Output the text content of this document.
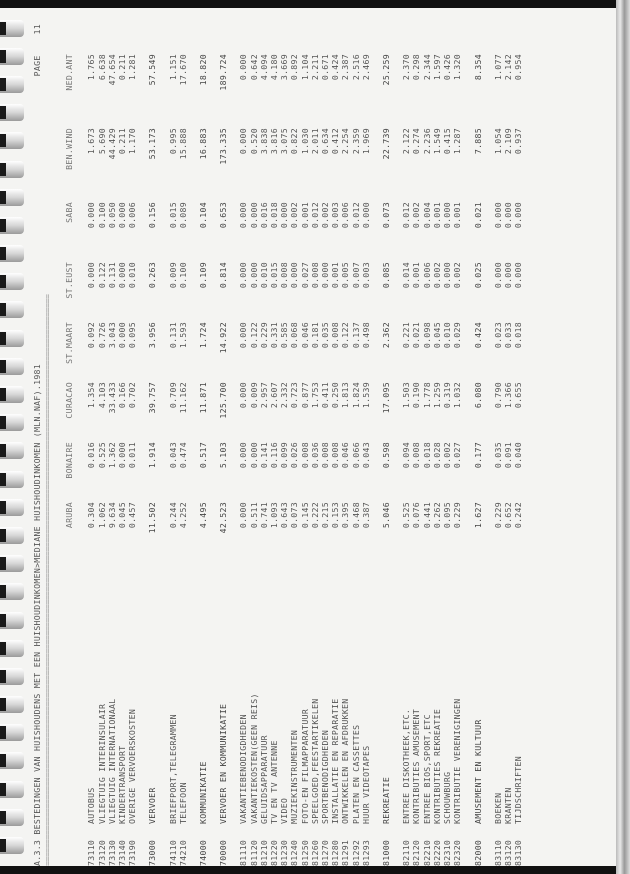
A.3.3 BESTEDINGEN VAN HUISHOUDENS MET EEN HUISHOUDINKOMEN>MEDIANE HUISHOUDINKOMEN (MLN.NAF).1981
PAGE    11
=================================================================================================================================
		ARUBA	BONAIRE	CURACAO	ST.MAART	ST.EUST	SABA	BEN.WIND	NED.ANT
73110	AUTOBUS	0.304	0.016	1.354	0.092	0.000	0.000	1.673	1.765
73120	VLIEGTUIG INTERINSULAIR	1.062	0.525	4.103	0.726	0.122	0.100	5.690	6.638
73130	VLIEGTUIG INTERNATIONAAL	9.634	1.362	33.433	3.043	0.131	0.050	44.429	47.654
73140	KINDERTRANSPORT	0.045	0.000	0.166	0.000	0.000	0.000	0.211	0.211
73190	OVERIGE VERVOERSKOSTEN	0.457	0.011	0.702	0.095	0.010	0.006	1.170	1.281

73000	VERVOER	11.502	1.914	39.757	3.956	0.263	0.156	53.173	57.549

74110	BRIEFPORT,TELEGRAMMEN	0.244	0.043	0.709	0.131	0.009	0.015	0.995	1.151
74210	TELEFOON	4.252	0.474	11.162	1.593	0.100	0.089	15.888	17.670

74000	KOMMUNIKATIE	4.495	0.517	11.871	1.724	0.109	0.104	16.883	18.820

70000	VERVOER EN KOMMUNIKATIE	42.523	5.103	125.700	14.922	0.814	0.653	173.335	189.724

81110	VAKANTIEBENODIGDHEDEN	0.000	0.000	0.000	0.000	0.000	0.000	0.000	0.000
81120	VAKANTIEKOSTEN(GEEN REIS)	0.511	0.000	0.009	0.122	0.000	0.000	0.520	0.642
81210	GELUIDSAPPARATUUR	0.741	0.141	2.957	0.229	0.010	0.016	3.838	4.094
81220	TV EN TV ANTENNE	1.093	0.116	2.607	0.331	0.015	0.018	3.816	4.180
81230	VIDEO	0.643	0.099	2.332	0.585	0.008	0.000	3.075	3.669
81240	MUZIEKINSTRUMENTEN	0.073	0.026	0.723	0.068	0.000	0.002	0.822	0.892
81250	FOTO-EN FILMAPPARATUUR	0.145	0.008	0.877	0.046	0.027	0.001	1.030	1.104
81260	SPEELGOED,FEESTARTIKELEN	0.222	0.036	1.753	0.181	0.008	0.012	2.011	2.211
81270	SPORTBENODIGDHEDEN	0.215	0.008	0.411	0.035	0.000	0.002	0.634	0.671
81280	INSTALLATIE EN REPARATIE	0.153	0.008	0.250	0.008	0.001	0.003	0.412	0.424
81291	ONTWIKKELEN EN AFDRUKKEN	0.395	0.046	1.813	0.122	0.005	0.006	2.254	2.387
81292	PLATEN EN CASSETTES	0.468	0.066	1.824	0.137	0.007	0.012	2.359	2.516
81293	HUUR VIDEOTAPES	0.387	0.043	1.539	0.498	0.003	0.000	1.969	2.469

81000	REKREATIE	5.046	0.598	17.095	2.362	0.085	0.073	22.739	25.259

82110	ENTREE DISKOTHEEK,ETC.	0.525	0.094	1.503	0.221	0.014	0.012	2.122	2.370
82120	KONTRIBUTIES AMUSEMENT	0.076	0.008	0.190	0.021	0.001	0.002	0.274	0.298
82210	ENTREE BIOS,SPORT,ETC	0.441	0.018	1.778	0.098	0.006	0.004	2.236	2.344
82220	KONTRIBUTIES REKREATIE	0.262	0.028	1.259	0.045	0.002	0.001	1.549	1.597
82310	SCHOUWBURG	0.095	0.002	0.319	0.010	0.000	0.000	0.415	0.426
82320	KONTRIBUTIE VERENIGINGEN	0.229	0.027	1.032	0.029	0.002	0.001	1.287	1.320

82000	AMUSEMENT EN KULTUUR	1.627	0.177	6.080	0.424	0.025	0.021	7.885	8.354

83110	BOEKEN	0.229	0.035	0.790	0.023	0.000	0.000	1.054	1.077
83120	KRANTEN	0.652	0.091	1.366	0.033	0.000	0.000	2.109	2.142
83130	TIJDSCHRIFTEN	0.242	0.040	0.655	0.018	0.000	0.000	0.937	0.954
